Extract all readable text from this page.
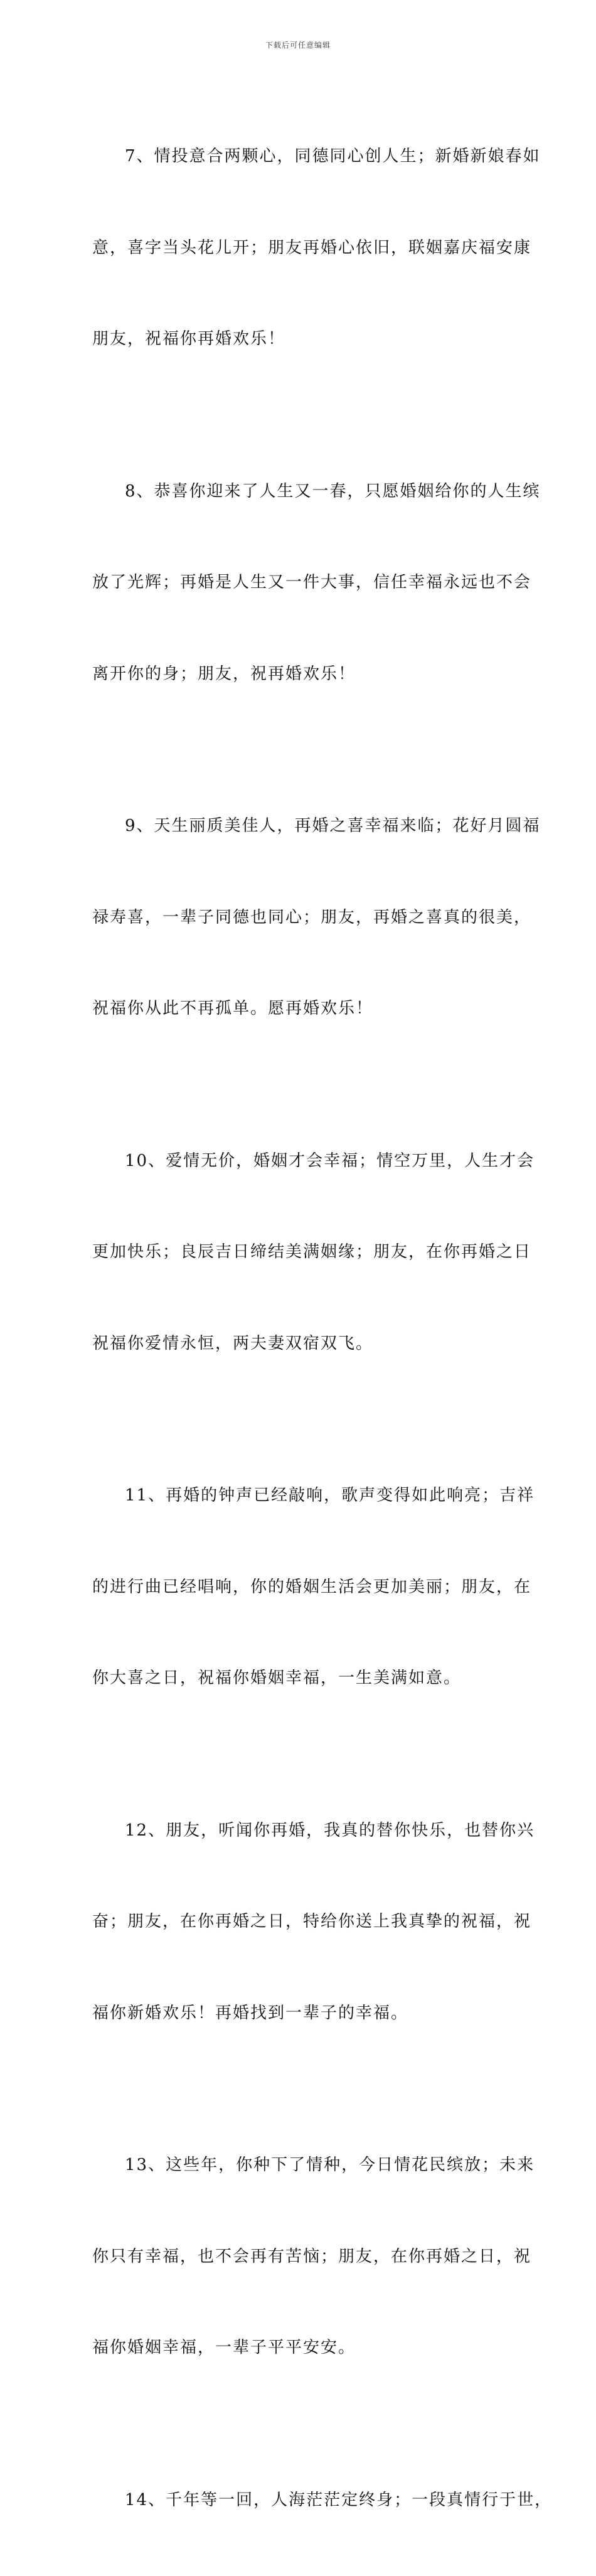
下载后可任意编辑

7、情投意合两颗心，同德同心创人生；新婚新娘春如

意，喜字当头花儿开；朋友再婚心依旧，联姻嘉庆福安康

朋友，祝福你再婚欢乐！

8、恭喜你迎来了人生又一春，只愿婚姻给你的人生缤

放了光辉；再婚是人生又一件大事，信任幸福永远也不会

离开你的身；朋友，祝再婚欢乐！

9、天生丽质美佳人，再婚之喜幸福来临；花好月圆福

禄寿喜，一辈子同德也同心；朋友，再婚之喜真的很美，

祝福你从此不再孤单。愿再婚欢乐！

10、爱情无价，婚姻才会幸福；情空万里，人生才会

更加快乐；良辰吉日缔结美满姻缘；朋友，在你再婚之日

祝福你爱情永恒，两夫妻双宿双飞。

11、再婚的钟声已经敲响，歌声变得如此响亮；吉祥

的进行曲已经唱响，你的婚姻生活会更加美丽；朋友，在

你大喜之日，祝福你婚姻幸福，一生美满如意。

12、朋友，听闻你再婚，我真的替你快乐，也替你兴

奋；朋友，在你再婚之日，特给你送上我真挚的祝福，祝

福你新婚欢乐！再婚找到一辈子的幸福。

13、这些年，你种下了情种，今日情花民缤放；未来

你只有幸福，也不会再有苦恼；朋友，在你再婚之日，祝

福你婚姻幸福，一辈子平平安安。

14、千年等一回，人海茫茫定终身；一段真情行于世，
